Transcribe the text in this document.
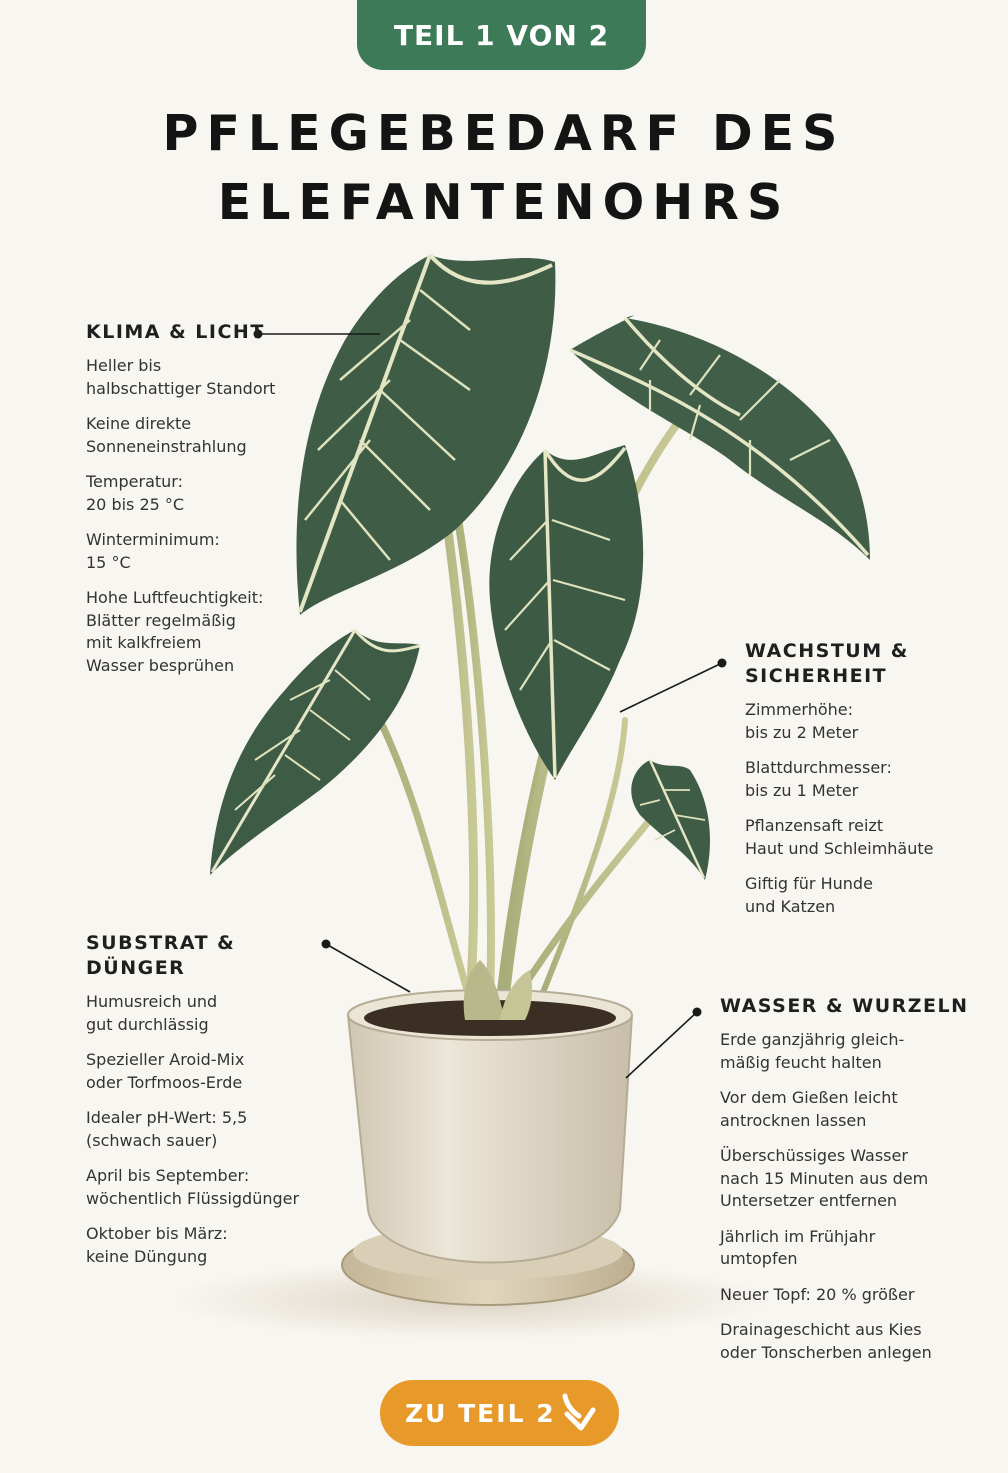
TEIL 1 VON 2
PFLEGEBEDARF DES
ELEFANTENOHRS
KLIMA & LICHT

Heller bis
halbschattiger Standort

Keine direkte
Sonneneinstrahlung

Temperatur:
20 bis 25 °C

Winterminimum:
15 °C

Hohe Luftfeuchtigkeit:
Blätter regelmäßig
mit kalkfreiem
Wasser besprühen

WACHSTUM &
SICHERHEIT

Zimmerhöhe:
bis zu 2 Meter

Blattdurchmesser:
bis zu 1 Meter

Pflanzensaft reizt
Haut und Schleimhäute

Giftig für Hunde
und Katzen

SUBSTRAT & DÜNGER

Humusreich und
gut durchlässig

Spezieller Aroid-Mix
oder Torfmoos-Erde

Idealer pH-Wert: 5,5
(schwach sauer)

April bis September:
wöchentlich Flüssigdünger

Oktober bis März:
keine Düngung

WASSER & WURZELN

Erde ganzjährig gleich-
mäßig feucht halten

Vor dem Gießen leicht
antrocknen lassen

Überschüssiges Wasser
nach 15 Minuten aus dem
Untersetzer entfernen

Jährlich im Frühjahr
umtopfen

Neuer Topf: 20 % größer

Drainageschicht aus Kies
oder Tonscherben anlegen

ZU TEIL 2
